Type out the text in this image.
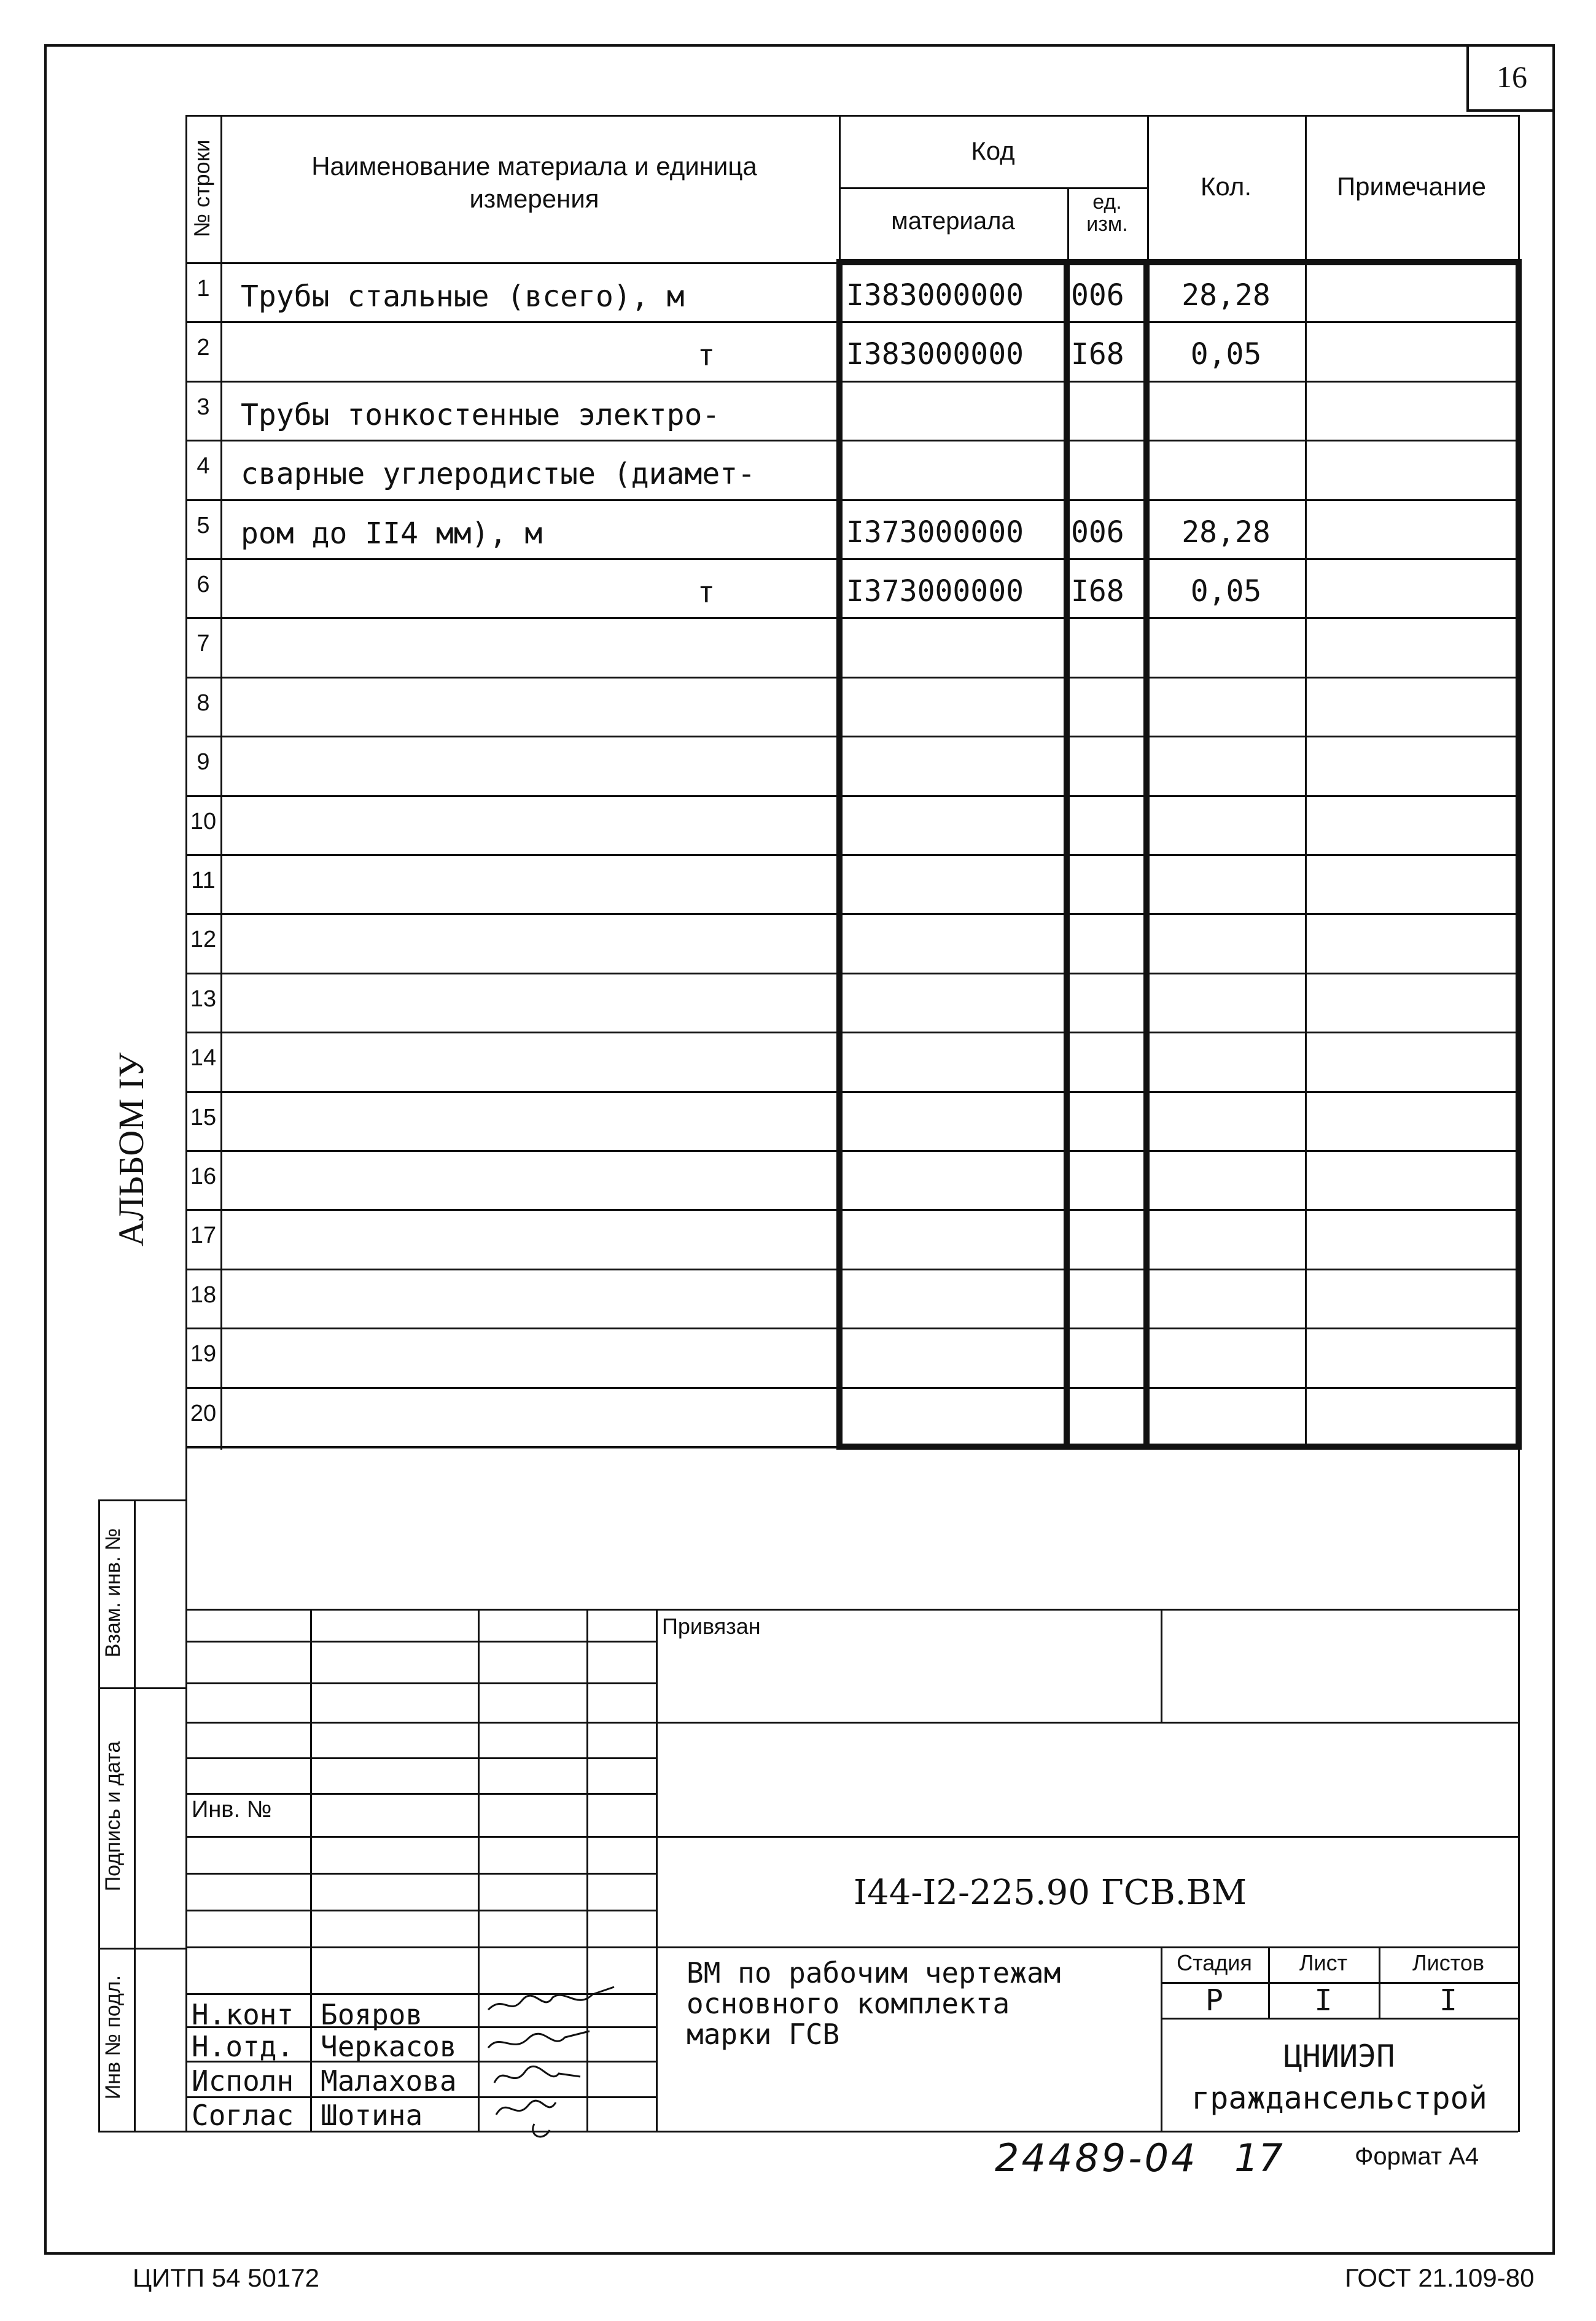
16
АЛЬБОМ IУ
№ строки	Наименование материала и единица измерения
Код
материала
ед. изм.
Кол.	Примечание
1	Трубы стальные (всего), м	I383000000 006	28,28
2	т	I383000000 I68	0,05
3	Трубы тонкостенные электро-
4	сварные углеродистые (диамет-
5	ром до II4 мм), м	I373000000 006	28,28
6	т	I373000000 I68	0,05
7
8
9
10
11
12
13
14
15
16
17
18
19
20
Взам. инв. №
Подпись и дата
Инв № подл.
Привязан
Инв. №
I44-I2-225.90 ГСВ.ВМ
ВМ по рабочим чертежам
основного комплекта
марки ГСВ
Стадия	Лист	Листов
Р	I	I
ЦНИИЭП
граждансельстрой
Н.конт Бояров
Н.отд. Черкасов
Исполн Малахова
Соглас Шотина
24489-04 17	Формат А4
ЦИТП 54 50172	ГОСТ 21.109-80
